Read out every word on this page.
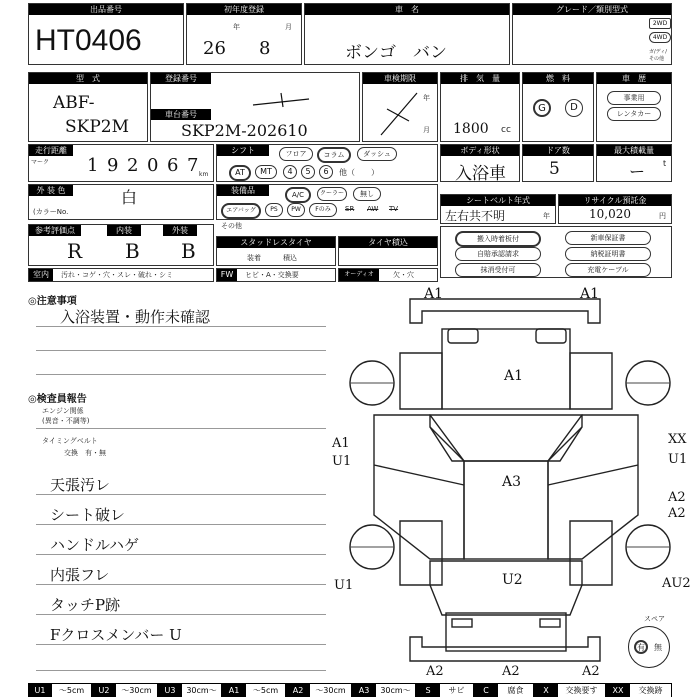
出品番号
HT0406
初年度登録
年	月
26 8
車　名
ボンゴ　バン
グレード／類別型式
2WD
4WD
ガ/ディ/その他
型　式
ABF-
SKP2M
登録番号
車台番号
SKP2M-202610
車検期限
年
月
排　気　量
1800 cc
燃　料
G	D
車　歴
事業用
レンタカー
走行距離
マーク 1 9 2 0 6 7 km
シフト	フロア	コラム	ダッシュ
AT	MT	4	5	6	他（　　）
ボディ形状
入浴車
ドア数
5
最大積載量
ー t
外 装 色	白
(カラーNo.
装備品	A/C	クーラー	無し
エアバッグ	PS	PW	Fのみ	SR AW TV
その他
シートベルト年式
左右共不明	年
リサイクル預託金
10,020	円
参考評価点	内装	外装
R B B	スタッドレスタイヤ
装着	積込
タイヤ積込	搬入時着板付	新車保証書
自賠承認請求	納税証明書
抹消受付可	充電ケーブル
室内	汚れ・コゲ・穴・スレ・破れ・シミ	FW	ヒビ・A・交換要	オーディオ	欠・穴
◎注意事項
入浴装置・動作未確認
◎検査員報告
エンジン関係
(異音・不調等)
タイミングベルト
交換　有・無
天張汚レ
シート破レ
ハンドルハゲ
内張フレ
タッチP跡
Fクロスメンバー U
A1	A1
A1
A3
U2	AU2
A2	A2	A2
XX
U1
A2
A2
A1
U1
U1
スペア
有	無
U1	～5cm	U2	～30cm	U3	30cm～	A1	～5cm	A2	～30cm	A3	30cm～	S	サビ	C	腐食	X	交換要す	XX	交換跡
